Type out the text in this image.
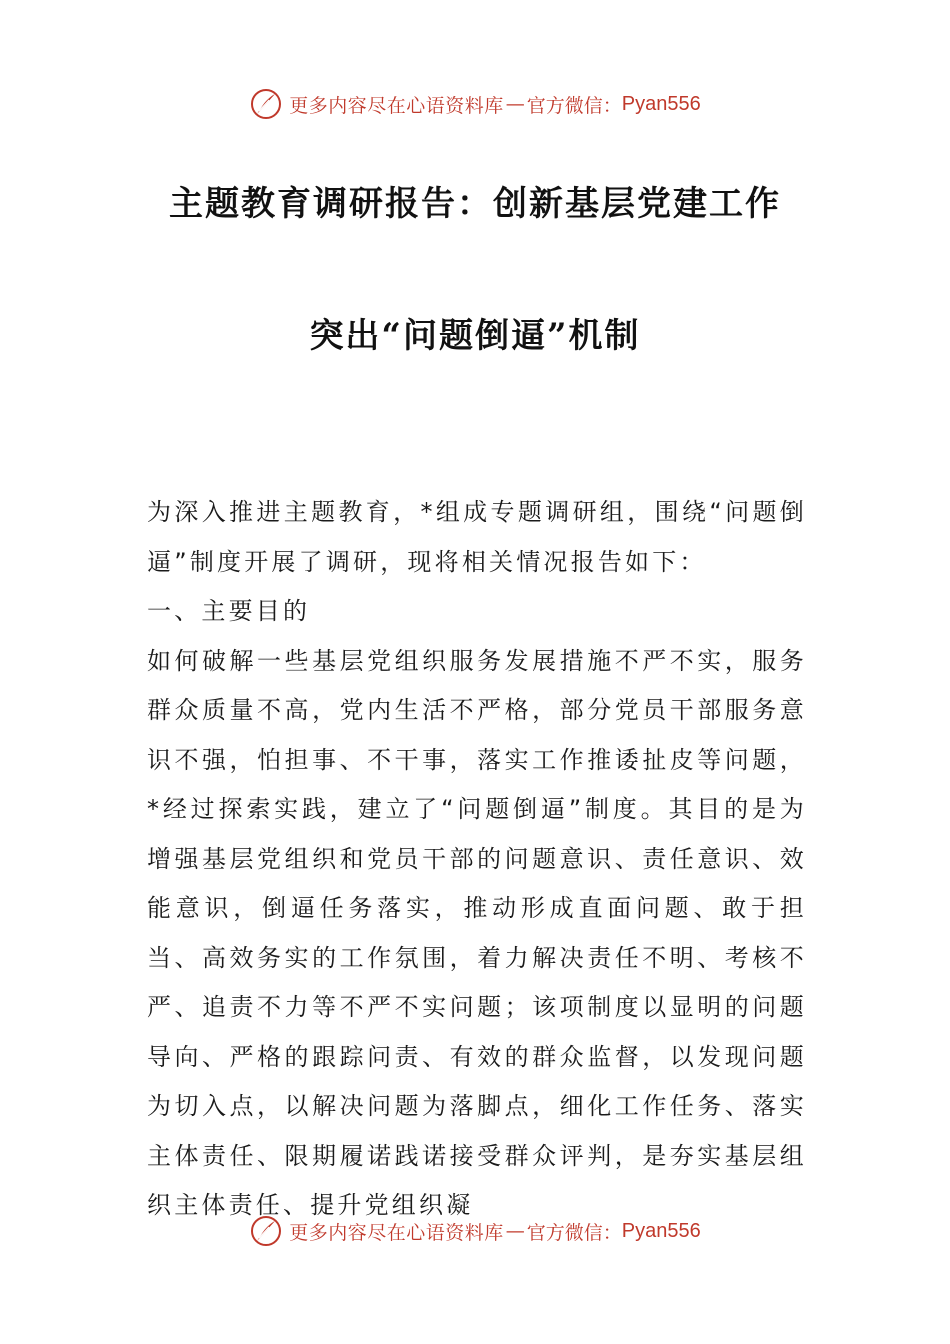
更多内容尽在心语资料库 — 官方微信： Pyan556
主题教育调研报告：创新基层党建工作
突出“问题倒逼”机制

为深入推进主题教育，*组成专题调研组，围绕“问题倒逼”制度开展了调研，现将相关情况报告如下：

一、主要目的

如何破解一些基层党组织服务发展措施不严不实，服务群众质量不高，党内生活不严格，部分党员干部服务意识不强，怕担事、不干事，落实工作推诿扯皮等问题，*经过探索实践，建立了“问题倒逼”制度。其目的是为增强基层党组织和党员干部的问题意识、责任意识、效能意识，倒逼任务落实，推动形成直面问题、敢于担当、高效务实的工作氛围，着力解决责任不明、考核不严、追责不力等不严不实问题；该项制度以显明的问题导向、严格的跟踪问责、有效的群众监督，以发现问题为切入点，以解决问题为落脚点，细化工作任务、落实主体责任、限期履诺践诺接受群众评判，是夯实基层组织主体责任、提升党组织凝

更多内容尽在心语资料库 — 官方微信： Pyan556
